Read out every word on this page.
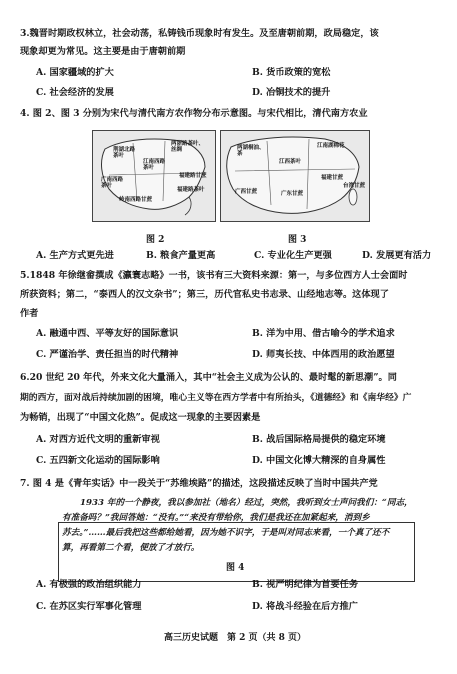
3.魏晋时期政权林立，社会动荡，私铸钱币现象时有发生。及至唐朝前期，政局稳定，该
现象却更为常见。这主要是由于唐朝前期
A. 国家疆域的扩大	B. 货币政策的宽松
C. 社会经济的发展	D. 冶铜技术的提升
4. 图 2、图 3 分别为宋代与清代南方农作物分布示意图。与宋代相比，清代南方农业
荆湖北路茶叶
两浙路茶叶、丝绸
江南西路茶叶
广南西路茶叶
福建路甘蔗
福建路茶叶
岭南西路甘蔗
图 2
两湖桐油、茶
江南湖棉花
江西茶叶
福建甘蔗
台湾甘蔗
广东甘蔗
广西甘蔗
图 3
A. 生产方式更先进	B. 粮食产量更高	C. 专业化生产更强	D. 发展更有活力
5.1848 年徐继畲撰成《瀛寰志略》一书，该书有三大资料来源：第一，与多位西方人士会面时
所获资料；第二，“泰西人的汉文杂书”；第三，历代官私史书志录、山经地志等。这体现了
作者
A. 融通中西、平等友好的国际意识	B. 洋为中用、借古喻今的学术追求
C. 严谨治学、责任担当的时代精神	D. 师夷长技、中体西用的政治愿望
6.20 世纪 20 年代，外来文化大量涌入，其中“社会主义成为公认的、最时髦的新思潮”。同
期的西方，面对战后持续加剧的困境，唯心主义等在西方学者中有所抬头，《道德经》和《南华经》广
为畅销，出现了“中国文化热”。促成这一现象的主要因素是
A. 对西方近代文明的重新审视	B. 战后国际格局提供的稳定环境
C. 五四新文化运动的国际影响	D. 中国文化博大精深的自身属性
7. 图 4 是《青年实话》中一段关于“苏维埃路”的描述，这段描述反映了当时中国共产党
1933 年的一个静夜，我以参加社（地名）经过，突然，我听到女士声问我们：“同志，
有准备吗？”我回答她：“没有。”“来没有带给你，我们是我还在加紧起来，消到乡
苏去。”……最后我把这些都给她看，因为她不识字，于是叫对同志来看，一个真了还不
算，再看第二个看，便放了才放行。
图 4
A. 有极强的政治组织能力	B. 视严明纪律为首要任务
C. 在苏区实行军事化管理	D. 将战斗经验在后方推广
高三历史试题　第 2 页（共 8 页）
